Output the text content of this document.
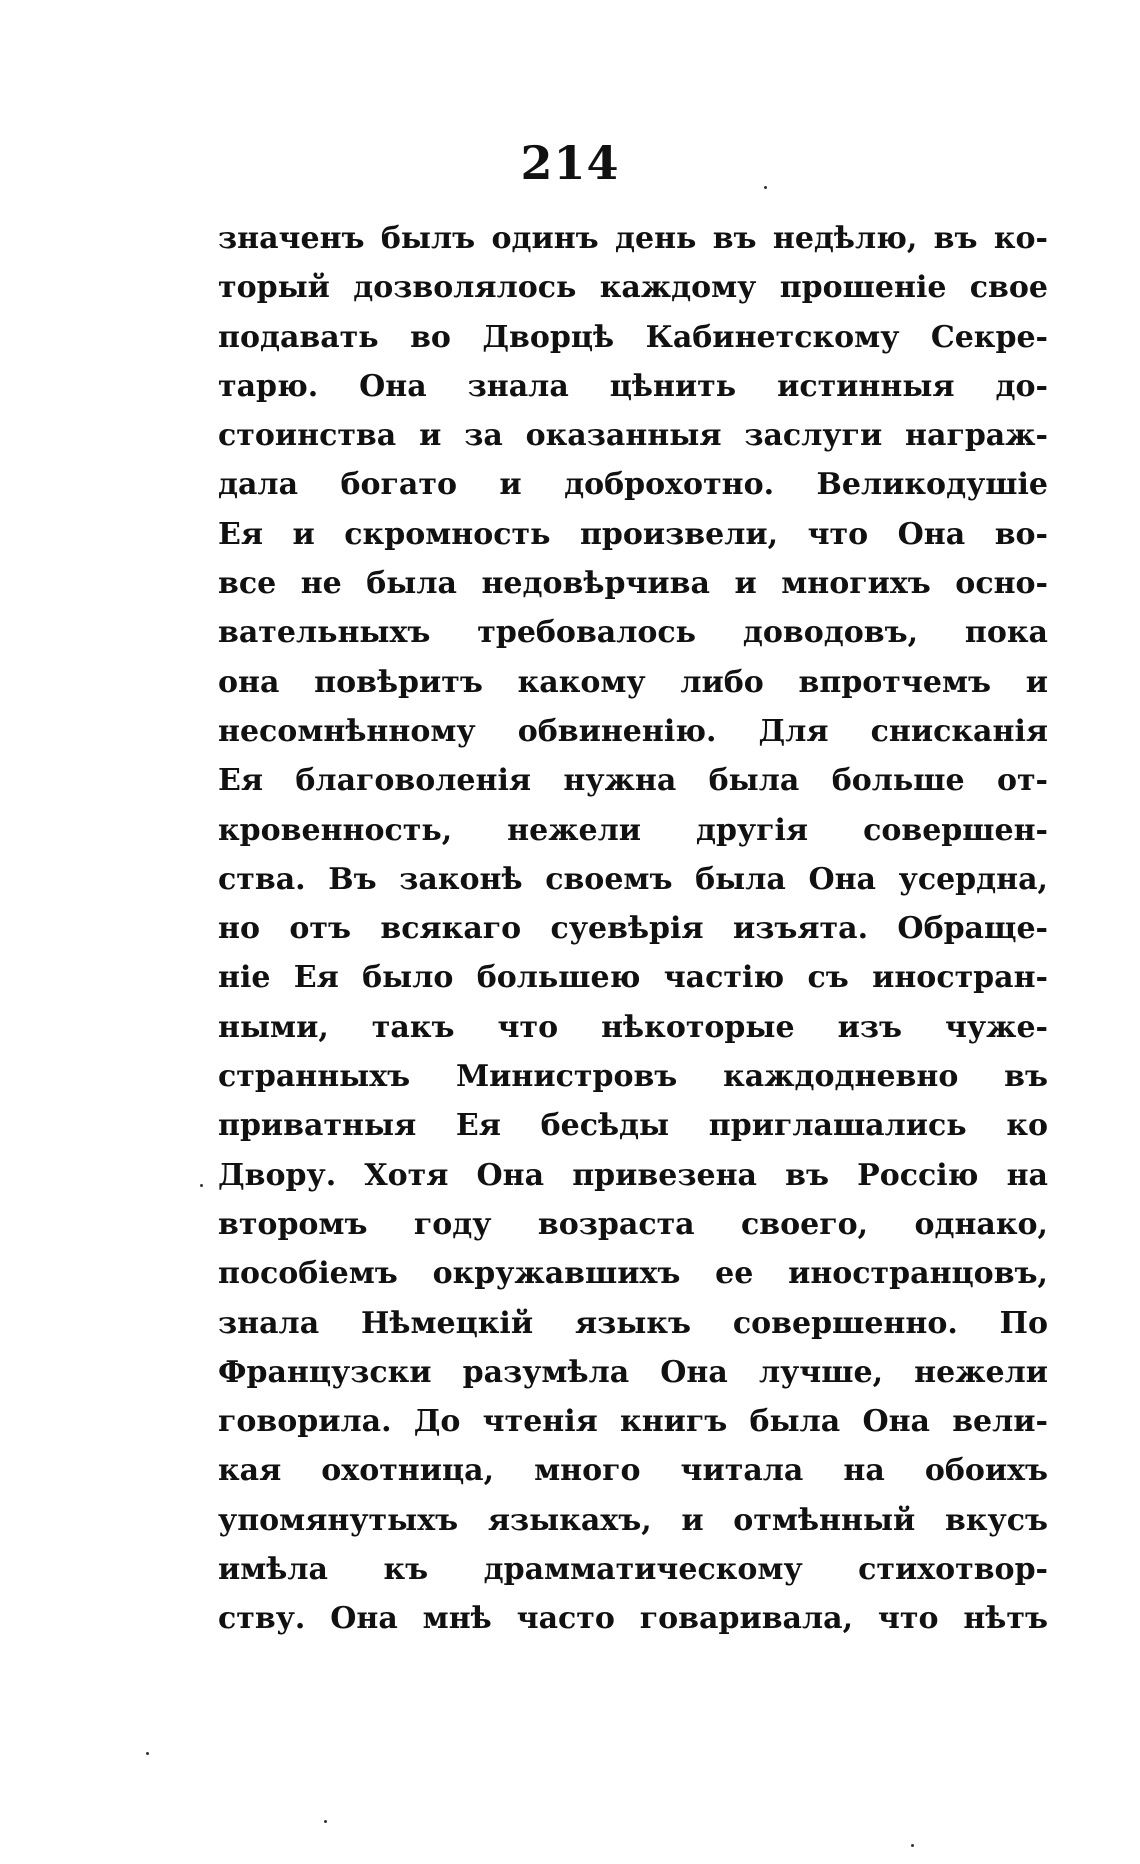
214
значенъ былъ одинъ день въ недѣлю, въ ко-
торый дозволялось каждому прошеніе свое
подавать во Дворцѣ Кабинетскому Секре-
тарю. Она знала цѣнить истинныя до-
стоинства и за оказанныя заслуги награж-
дала богато и доброхотно. Великодушіе
Ея и скромность произвели, что Она во-
все не была недовѣрчива и многихъ осно-
вательныхъ требовалось доводовъ, пока
она повѣритъ какому либо впротчемъ и
несомнѣнному обвиненію. Для снисканія
Ея благоволенія нужна была больше от-
кровенность, нежели другія совершен-
ства. Въ законѣ своемъ была Она усердна,
но отъ всякаго суевѣрія изъята. Обраще-
ніе Ея было большею частію съ иностран-
ными, такъ что нѣкоторые изъ чуже-
странныхъ Министровъ каждодневно въ
приватныя Ея бесѣды приглашались ко
Двору. Хотя Она привезена въ Россію на
второмъ году возраста своего, однако,
пособіемъ окружавшихъ ее иностранцовъ,
знала Нѣмецкій языкъ совершенно. По
Французски разумѣла Она лучше, нежели
говорила. До чтенія книгъ была Она вели-
кая охотница, много читала на обоихъ
упомянутыхъ языкахъ, и отмѣнный вкусъ
имѣла къ драмматическому стихотвор-
ству. Она мнѣ часто говаривала, что нѣтъ
